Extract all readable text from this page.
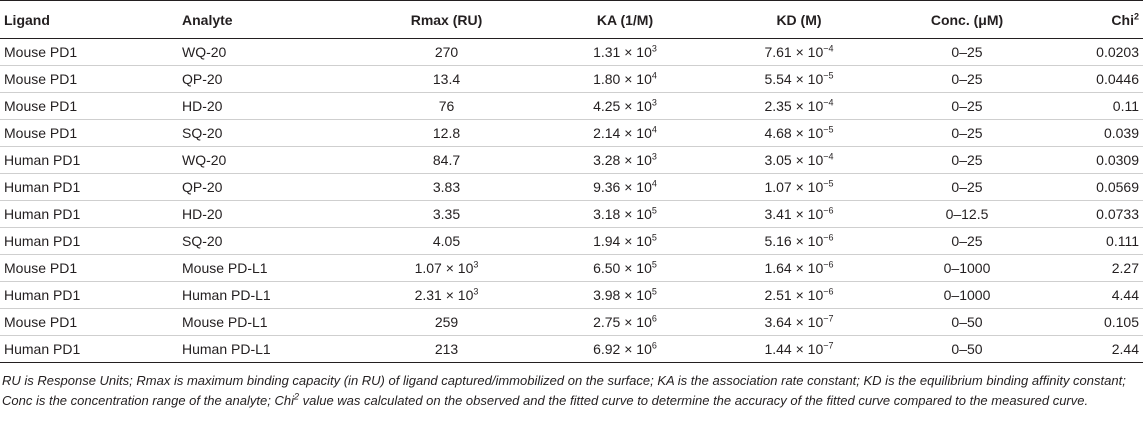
Ligand	Analyte	Rmax (RU)	KA (1/M)	KD (M)	Conc. (μM)	Chi$^2$
Mouse PD1	WQ-20	270	$1.31 \times 10^3$	$7.61 \times 10^{-4}$	0–25	0.0203
Mouse PD1	QP-20	13.4	$1.80 \times 10^4$	$5.54 \times 10^{-5}$	0–25	0.0446
Mouse PD1	HD-20	76	$4.25 \times 10^3$	$2.35 \times 10^{-4}$	0–25	0.11
Mouse PD1	SQ-20	12.8	$2.14 \times 10^4$	$4.68 \times 10^{-5}$	0–25	0.039
Human PD1	WQ-20	84.7	$3.28 \times 10^3$	$3.05 \times 10^{-4}$	0–25	0.0309
Human PD1	QP-20	3.83	$9.36 \times 10^4$	$1.07 \times 10^{-5}$	0–25	0.0569
Human PD1	HD-20	3.35	$3.18 \times 10^5$	$3.41 \times 10^{-6}$	0–12.5	0.0733
Human PD1	SQ-20	4.05	$1.94 \times 10^5$	$5.16 \times 10^{-6}$	0–25	0.111
Mouse PD1	Mouse PD-L1	$1.07 \times 10^3$	$6.50 \times 10^5$	$1.64 \times 10^{-6}$	0–1000	2.27
Human PD1	Human PD-L1	$2.31 \times 10^3$	$3.98 \times 10^5$	$2.51 \times 10^{-6}$	0–1000	4.44
Mouse PD1	Mouse PD-L1	259	$2.75 \times 10^6$	$3.64 \times 10^{-7}$	0–50	0.105
Human PD1	Human PD-L1	213	$6.92 \times 10^6$	$1.44 \times 10^{-7}$	0–50	2.44
RU is Response Units; Rmax is maximum binding capacity (in RU) of ligand captured/immobilized on the surface; KA is the association rate constant; KD is the equilibrium binding affinity constant; Conc is the concentration range of the analyte; Chi$^2$ value was calculated on the observed and the fitted curve to determine the accuracy of the fitted curve compared to the measured curve.
